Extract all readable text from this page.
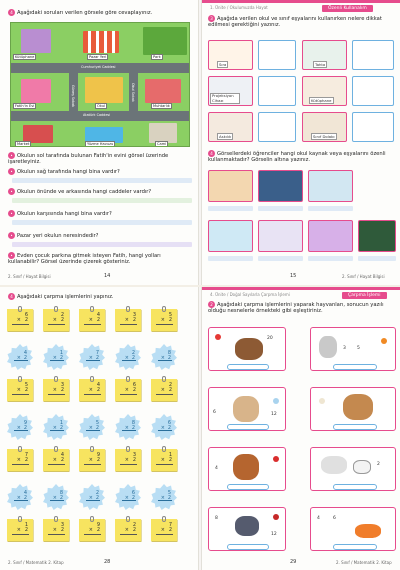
4 Aşağıdaki soruları verilen görsele göre cevaplayınız.
Cumhuriyet Caddesi
Atatürk Caddesi
Güneş Sokak	Okul Sokak
Kütüphane	Pazar Yeri	Park
Fatih'in Evi	Okul	Muhtarlık
Market	Yüzme Havuzu	Cami
• Okulun sol tarafında bulunan Fatih'in evini görsel üzerinde işaretleyiniz.
• Okulun sağ tarafında hangi bina vardır?
• Okulun önünde ve arkasında hangi caddeler vardır?
• Okulun karşısında hangi bina vardır?
• Pazar yeri okulun neresindedir?
• Evden çocuk parkına gitmek isteyen Fatih, hangi yolları kullanabilir? Görsel üzerinde çizerek gösteriniz.
2. Sınıf / Hayat Bilgisi	14
1. Ünite / Okulumuzda Hayat	Özenli Kullanalım
3 Aşağıda verilen okul ve sınıf eşyalarını kullanırken nelere dikkat edilmesi gerektiğini yazınız.
Sıra	Tahta
Projeksiyon Cihazı	Kütüphane
Askılık	Sınıf Dolabı
4 Görsellerdeki öğrenciler hangi okul kaynak veya eşyalarını özenli kullanmaktadır? Görselin altına yazınız.
15	2. Sınıf / Hayat Bilgisi
4 Aşağıdaki çarpma işlemlerini yapınız.
6
2
×
2
2
×
4
2
×
3
2
×
5
2
×
4
2
×
1
2
×
7
2
×
2
2
×
8
2
×
5
2
×
3
2
×
4
2
×
6
2
×
2
2
×
9
2
×
1
2
×
5
2
×
8
2
×
6
2
×
7
2
×
4
2
×
9
2
×
3
2
×
1
2
×
4
2
×
8
2
×
2
2
×
6
2
×
5
2
×
1
2
×
3
2
×
9
2
×
2
2
×
7
2
×
2. Sınıf / Matematik 2. Kitap	28
4. Ünite / Doğal Sayılarla Çarpma İşlemi	Çarpma İşlemi
2 Aşağıdaki çarpma işlemlerini yaparak hayvanları, sonucun yazılı olduğu nesnelerle örnekteki gibi eşleştiriniz.
20
6	12
4
8
12
3 5
2
4	6
29	2. Sınıf / Matematik 2. Kitap
